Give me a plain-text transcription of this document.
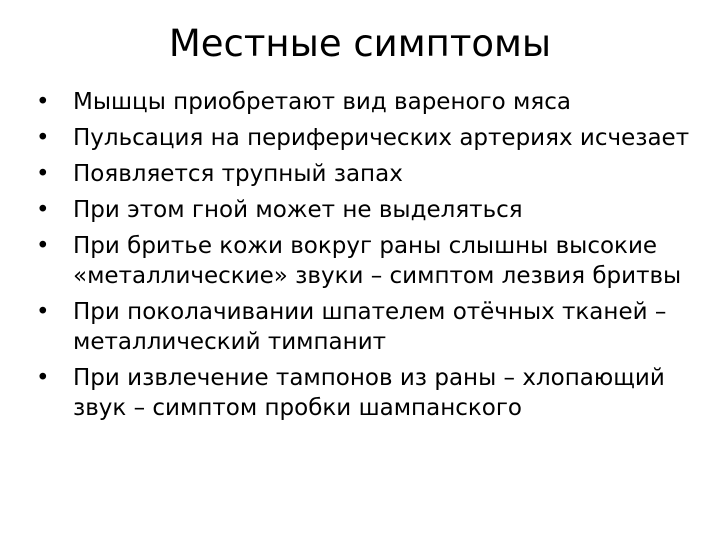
Местные симптомы
• Мышцы приобретают вид вареного мяса
• Пульсация на периферических артериях исчезает
• Появляется трупный запах
• При этом гной может не выделяться
• При бритье кожи вокруг раны слышны высокие «металлические» звуки – симптом лезвия бритвы
• При поколачивании шпателем отёчных тканей – металлический тимпанит
• При извлечение тампонов из раны – хлопающий звук – симптом пробки шампанского
